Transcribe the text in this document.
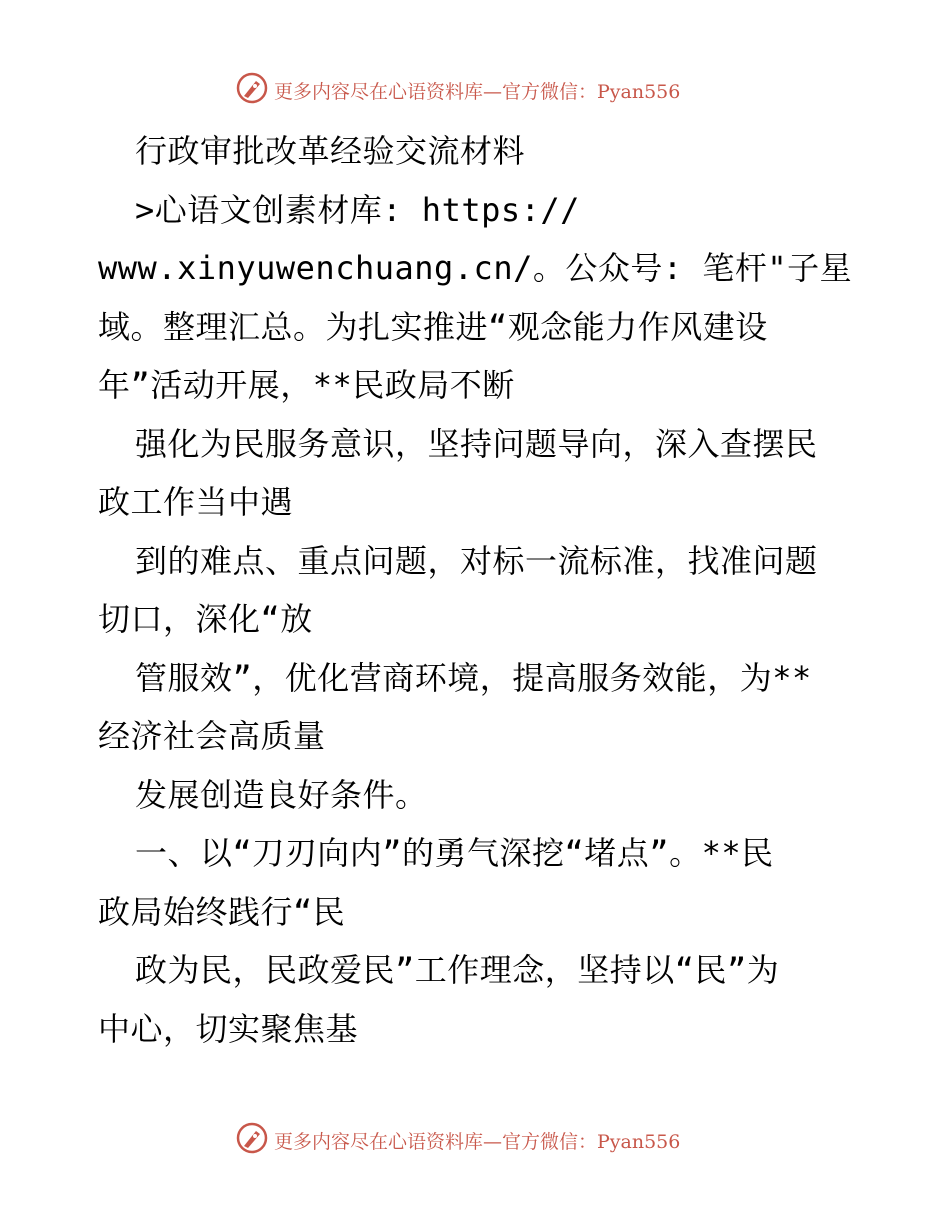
更多内容尽在心语资料库—官方微信：Pyan556
行政审批改革经验交流材料
>心语文创素材库: https://
www.xinyuwenchuang.cn/。公众号: 笔杆"子星
域。整理汇总。为扎实推进“观念能力作风建设
年”活动开展，**民政局不断
强化为民服务意识，坚持问题导向，深入查摆民
政工作当中遇
到的难点、重点问题，对标一流标准，找准问题
切口，深化“放
管服效”，优化营商环境，提高服务效能，为**
经济社会高质量
发展创造良好条件。
一、以“刀刃向内”的勇气深挖“堵点”。**民
政局始终践行“民
政为民，民政爱民”工作理念，坚持以“民”为
中心，切实聚焦基
更多内容尽在心语资料库—官方微信：Pyan556
